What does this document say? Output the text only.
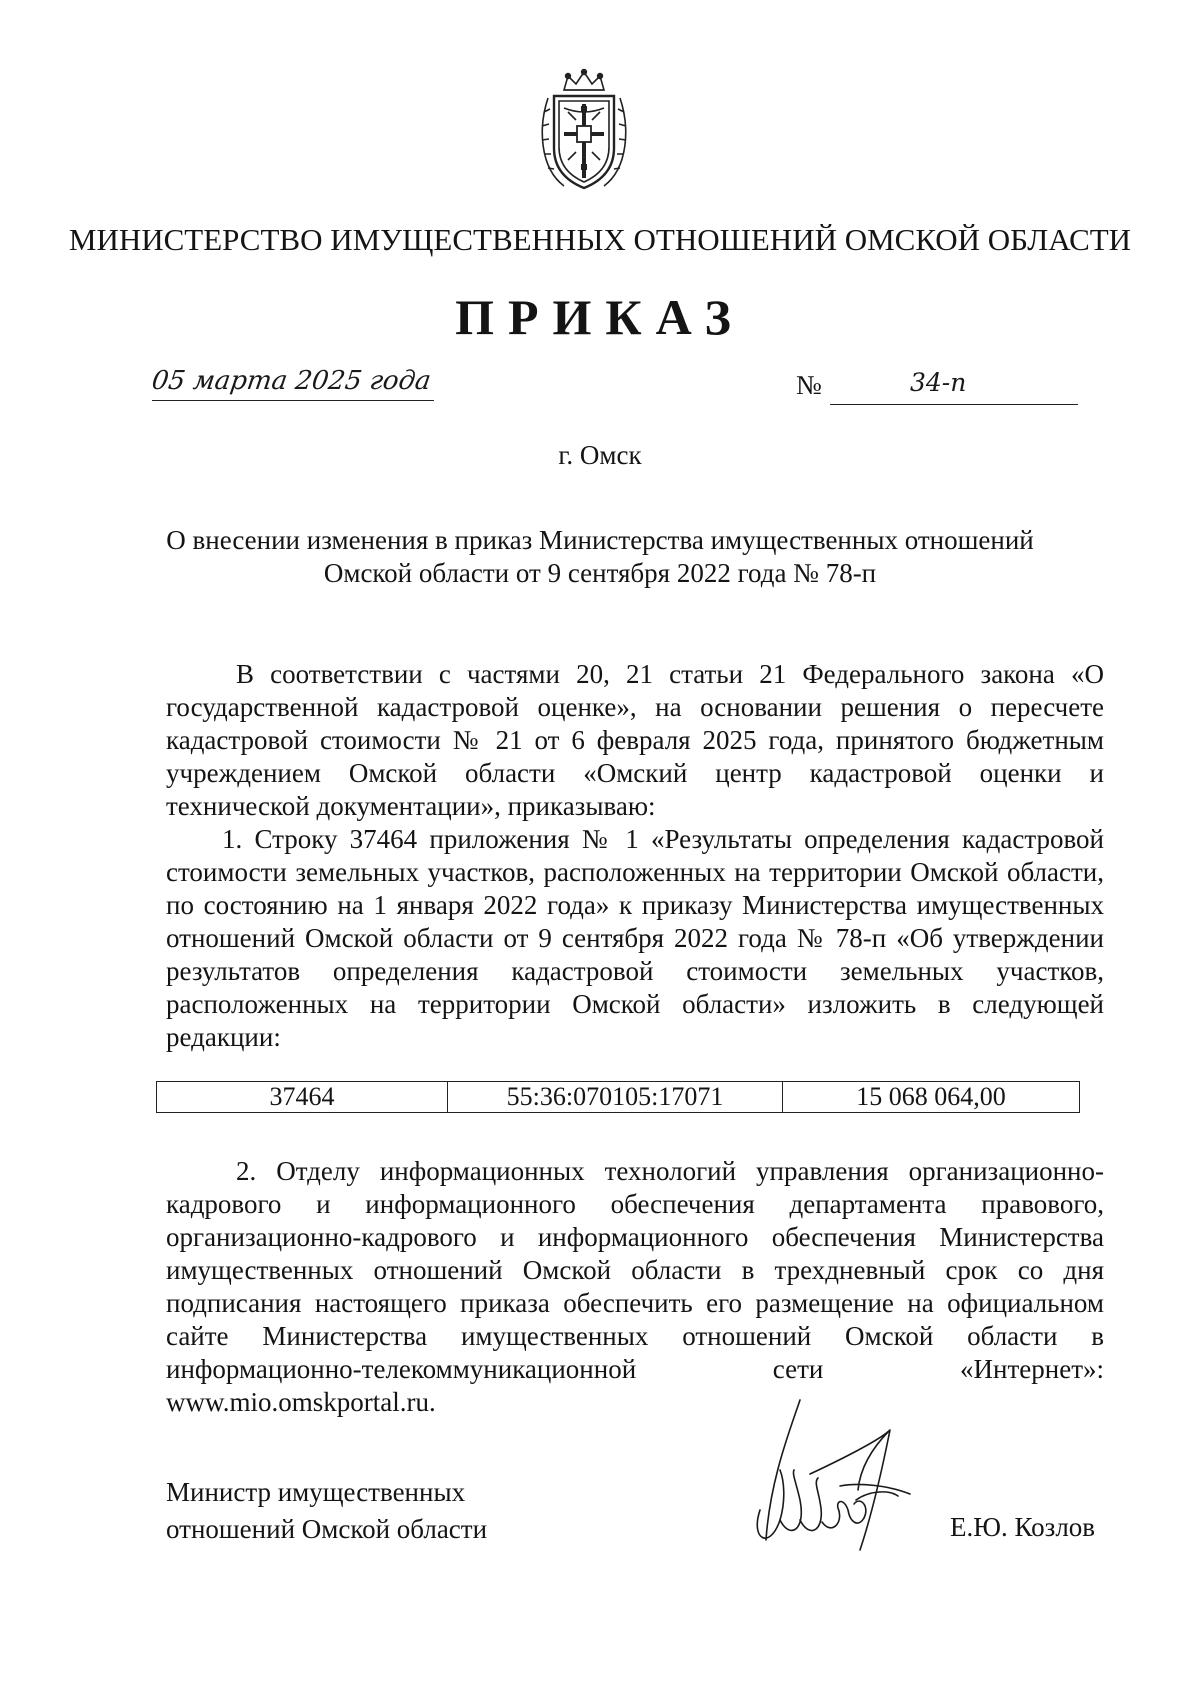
МИНИСТЕРСТВО ИМУЩЕСТВЕННЫХ ОТНОШЕНИЙ ОМСКОЙ ОБЛАСТИ
ПРИКАЗ
05 марта 2025 года	№	34-п
г. Омск
О внесении изменения в приказ Министерства имущественных отношений
Омской области от 9 сентября 2022 года № 78-п

В соответствии с частями 20, 21 статьи 21 Федерального закона «О государственной кадастровой оценке», на основании решения о пересчете кадастровой стоимости № 21 от 6 февраля 2025 года, принятого бюджетным учреждением Омской области «Омский центр кадастровой оценки и технической документации», приказываю:

1. Строку 37464 приложения № 1 «Результаты определения кадастровой стоимости земельных участков, расположенных на территории Омской области, по состоянию на 1 января 2022 года» к приказу Министерства имущественных отношений Омской области от 9 сентября 2022 года № 78-п «Об утверждении результатов определения кадастровой стоимости земельных участков, расположенных на территории Омской области» изложить в следующей редакции:

37464	55:36:070105:17071	15 068 064,00

2. Отделу информационных технологий управления организационно-кадрового и информационного обеспечения департамента правового, организационно-кадрового и информационного обеспечения Министерства имущественных отношений Омской области в трехдневный срок со дня подписания настоящего приказа обеспечить его размещение на официальном сайте Министерства имущественных отношений Омской области в информационно-телекоммуникационной сети «Интернет»: www.mio.omskportal.ru.

Министр имущественных
отношений Омской области	Е.Ю. Козлов
